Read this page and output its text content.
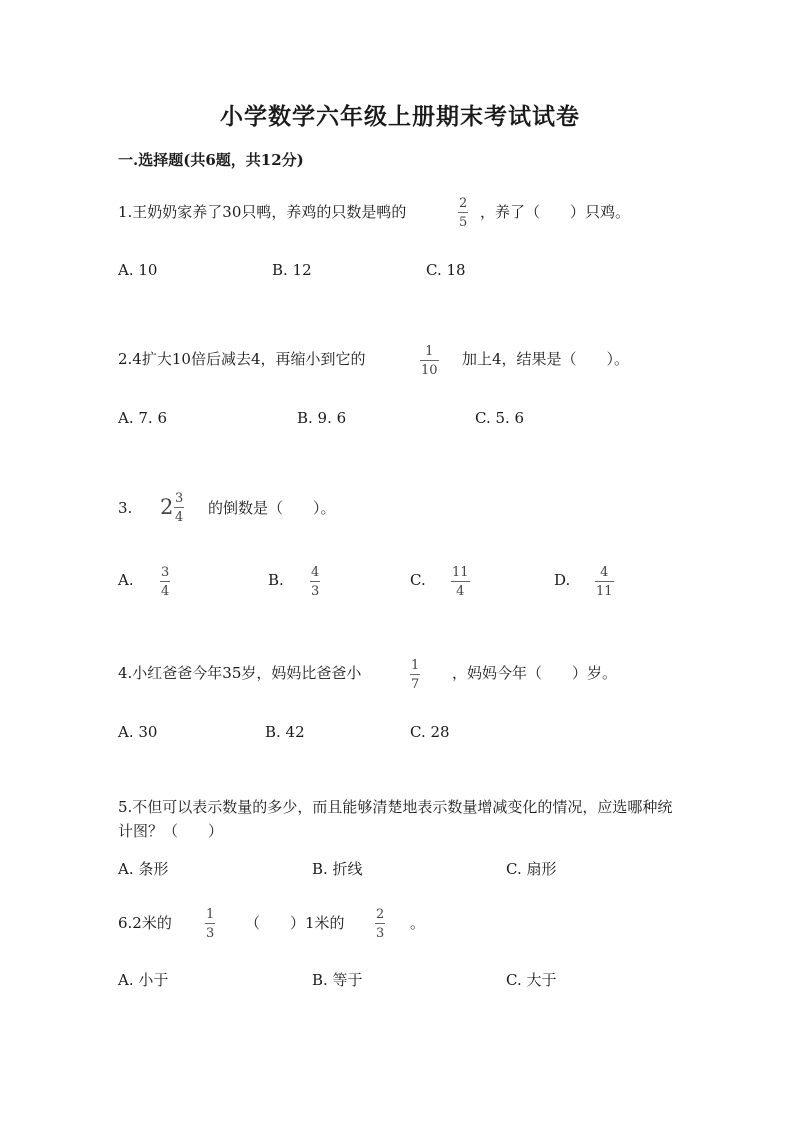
小学数学六年级上册期末考试试卷
一.选择题(共6题，共12分)
1.王奶奶家养了30只鸭，养鸡的只数是鸭的	2
5
，养了（　　）只鸡。
A. 10	B. 12	C. 18
2.4扩大10倍后减去4，再缩小到它的	1
10
加上4，结果是（　　）。
A. 7. 6	B. 9. 6	C. 5. 6
3. 2 3
4
的倒数是（　　）。
A. 3
4
B. 4
3
C. 11
4
D. 4
11
4.小红爸爸今年35岁，妈妈比爸爸小	1
7
，妈妈今年（　　）岁。
A. 30	B. 42	C. 28
5.不但可以表示数量的多少，而且能够清楚地表示数量增减变化的情况，应选哪种统计图？（　　）
A. 条形	B. 折线	C. 扇形
6.2米的	1
3
（　　）1米的 2
3
。
A. 小于	B. 等于	C. 大于
